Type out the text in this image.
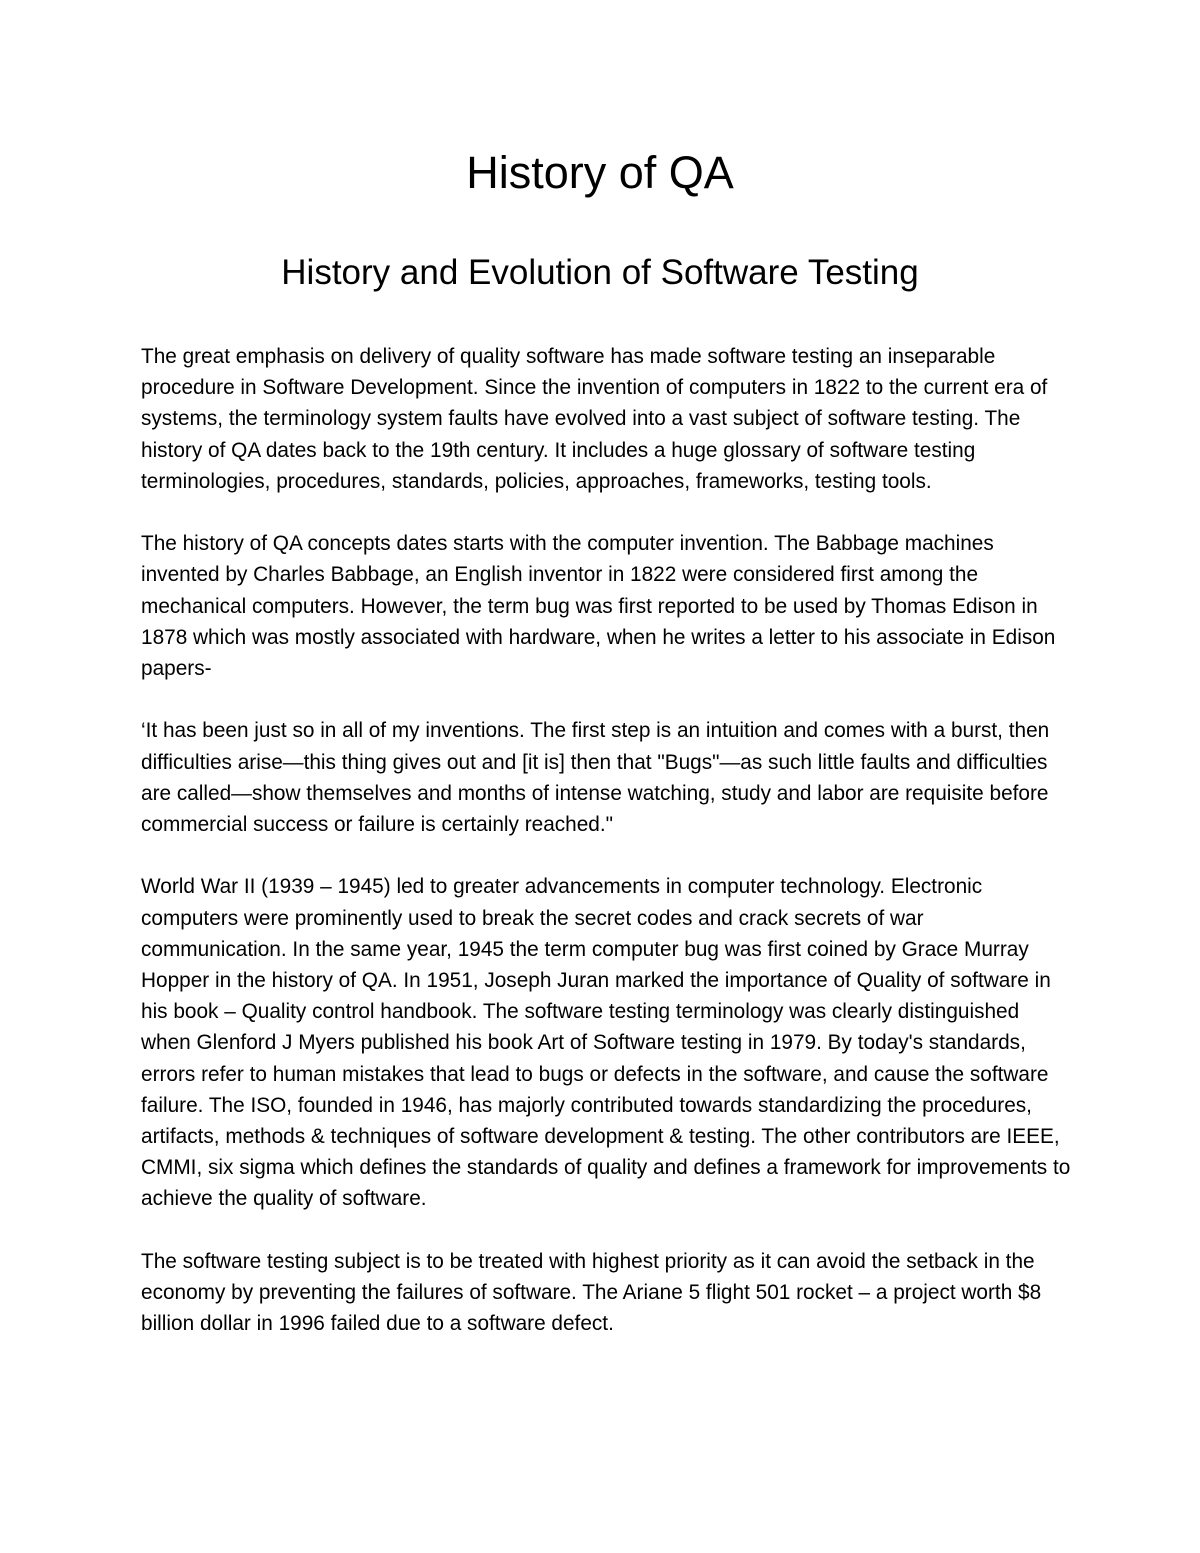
History of QA
History and Evolution of Software Testing

The great emphasis on delivery of quality software has made software testing an inseparable procedure in Software Development. Since the invention of computers in 1822 to the current era of systems, the terminology system faults have evolved into a vast subject of software testing. The history of QA dates back to the 19th century. It includes a huge glossary of software testing terminologies, procedures, standards, policies, approaches, frameworks, testing tools.

The history of QA concepts dates starts with the computer invention. The Babbage machines invented by Charles Babbage, an English inventor in 1822 were considered first among the mechanical computers. However, the term bug was first reported to be used by Thomas Edison in 1878 which was mostly associated with hardware, when he writes a letter to his associate in Edison papers-

‘It has been just so in all of my inventions. The first step is an intuition and comes with a burst, then difficulties arise—this thing gives out and [it is] then that "Bugs"—as such little faults and difficulties are called—show themselves and months of intense watching, study and labor are requisite before commercial success or failure is certainly reached."

World War II (1939 – 1945) led to greater advancements in computer technology. Electronic computers were prominently used to break the secret codes and crack secrets of war communication. In the same year, 1945 the term computer bug was first coined by Grace Murray Hopper in the history of QA. In 1951, Joseph Juran marked the importance of Quality of software in his book – Quality control handbook. The software testing terminology was clearly distinguished when Glenford J Myers published his book Art of Software testing in 1979. By today's standards, errors refer to human mistakes that lead to bugs or defects in the software, and cause the software failure. The ISO, founded in 1946, has majorly contributed towards standardizing the procedures, artifacts, methods & techniques of software development & testing. The other contributors are IEEE, CMMI, six sigma which defines the standards of quality and defines a framework for improvements to achieve the quality of software.

The software testing subject is to be treated with highest priority as it can avoid the setback in the economy by preventing the failures of software. The Ariane 5 flight 501 rocket – a project worth $8 billion dollar in 1996 failed due to a software defect.
